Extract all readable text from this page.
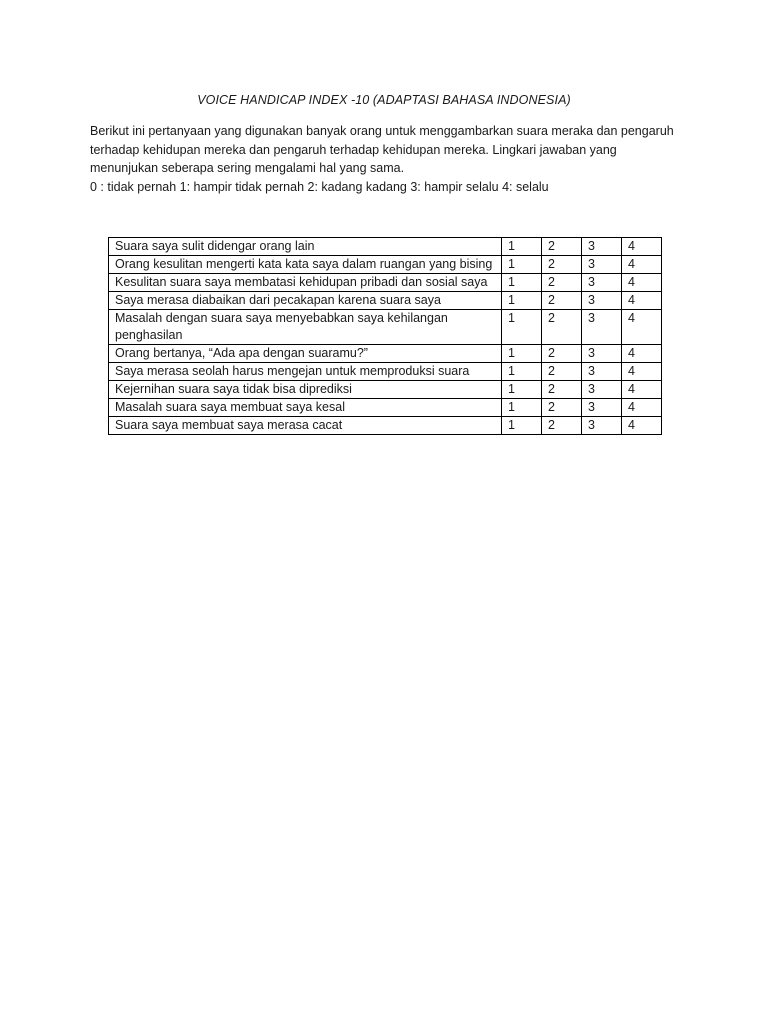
VOICE HANDICAP INDEX -10 (ADAPTASI BAHASA INDONESIA)

Berikut ini pertanyaan yang digunakan banyak orang untuk menggambarkan suara meraka dan pengaruh

terhadap kehidupan mereka dan pengaruh terhadap kehidupan mereka. Lingkari jawaban yang

menunjukan seberapa sering mengalami hal yang sama.

0 : tidak pernah 1: hampir tidak pernah 2: kadang kadang 3: hampir selalu 4: selalu

Suara saya sulit didengar orang lain	1	2	3	4
Orang kesulitan mengerti kata kata saya dalam ruangan yang bising	1	2	3	4
Kesulitan suara saya membatasi kehidupan pribadi dan sosial saya	1	2	3	4
Saya merasa diabaikan dari pecakapan karena suara saya	1	2	3	4
Masalah dengan suara saya menyebabkan saya kehilangan penghasilan	1	2	3	4
Orang bertanya, “Ada apa dengan suaramu?”	1	2	3	4
Saya merasa seolah harus mengejan untuk memproduksi suara	1	2	3	4
Kejernihan suara saya tidak bisa diprediksi	1	2	3	4
Masalah suara saya membuat saya kesal	1	2	3	4
Suara saya membuat saya merasa cacat	1	2	3	4
